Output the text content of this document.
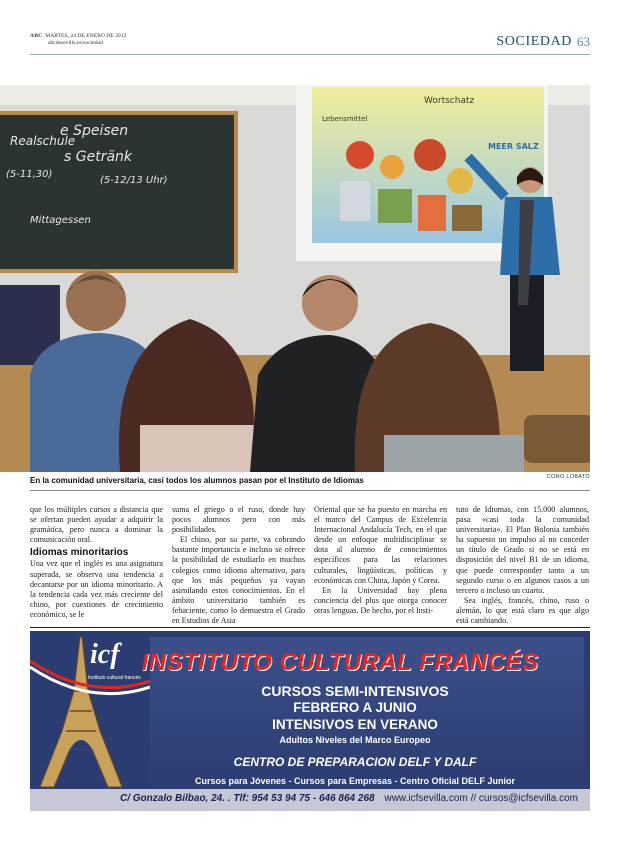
ABC MARTES, 24 DE ENERO DE 2012
abcdesevilla.es/sociedad	SOCIEDAD 63
Realschule
e Speisen
s Getränk
Mittagessen
(5-11,30)
(5-12/13 Uhr)
Wortschatz
Lebensmittel
MEER SALZ
CORO LOBATO
En la comunidad universitaria, casi todos los alumnos pasan por el Instituto de Idiomas

que los múltiples cursos a distancia que se ofertan pueden ayudar a adquirir la gramática, pero nunca a dominar la comunicación oral.

Idiomas minoritarios

Una vez que el inglés es una asignatura superada, se observa una tendencia a decantarse por un idioma minoritario. A la tendencia cada vez más creciente del chino, por cuestiones de crecimiento económico, se le

suma el griego o el ruso, donde hay pocos alumnos pero con más posibilidades.

El chino, por su parte, va cobrando bastante importancia e incluso se ofrece la posibilidad de estudiarlo en muchos colegios como idioma alternativo, para que los más pequeños ya vayan asimilando estos conocimientos. En el ámbito universitario también es fehaciente, como lo demuestra el Grado en Estudios de Asia

Oriental que se ha puesto en marcha en el marco del Campus de Excelencia Internacional Andalucía Tech, en el que desde un enfoque multidisciplinar se dota al alumno de conocimientos específicos para las relaciones culturales, lingüísticas, políticas y económicas con China, Japón y Corea.

En la Universidad hay plena conciencia del plus que otorga conocer otras lenguas. De hecho, por el Insti-

tuto de Idiomas, con 15.000 alumnos, pasa «casi toda la comunidad universitaria». El Plan Bolonia también ha supuesto un impulso al no conceder un título de Grado si no se está en disposición del nivel B1 de un idioma, que puede corresponder tanto a un segundo curso o en algunos casos a un tercero o incluso un cuarto.

Sea inglés, francés, chino, ruso o alemán, lo que está claro es que algo está cambiando.

icf
Instituto cultural francés
INSTITUTO CULTURAL FRANCÉS
CURSOS SEMI-INTENSIVOS
FEBRERO A JUNIO
INTENSIVOS EN VERANO
Adultos Niveles del Marco Europeo
CENTRO DE PREPARACION DELF Y DALF
Cursos para Jóvenes - Cursos para Empresas - Centro Oficial DELF Junior
C/ Gonzalo Bilbao, 24. . Tlf: 954 53 94 75 - 646 864 268 www.icfsevilla.com // cursos@icfsevilla.com
